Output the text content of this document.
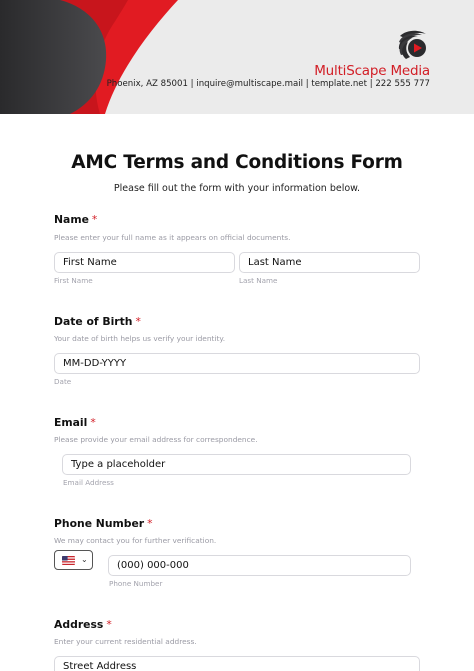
MultiScape Media
Phoenix, AZ 85001 | inquire@multiscape.mail | template.net | 222 555 777
AMC Terms and Conditions Form
Please fill out the form with your information below.
Name *
Please enter your full name as it appears on official documents.
First Name
First Name
Last Name
Last Name
Date of Birth *
Your date of birth helps us verify your identity.
MM-DD-YYYY
Date
Email *
Please provide your email address for correspondence.
Type a placeholder
Email Address
Phone Number *
We may contact you for further verification.
⌄
(000) 000-000
Phone Number
Address *
Enter your current residential address.
Street Address
